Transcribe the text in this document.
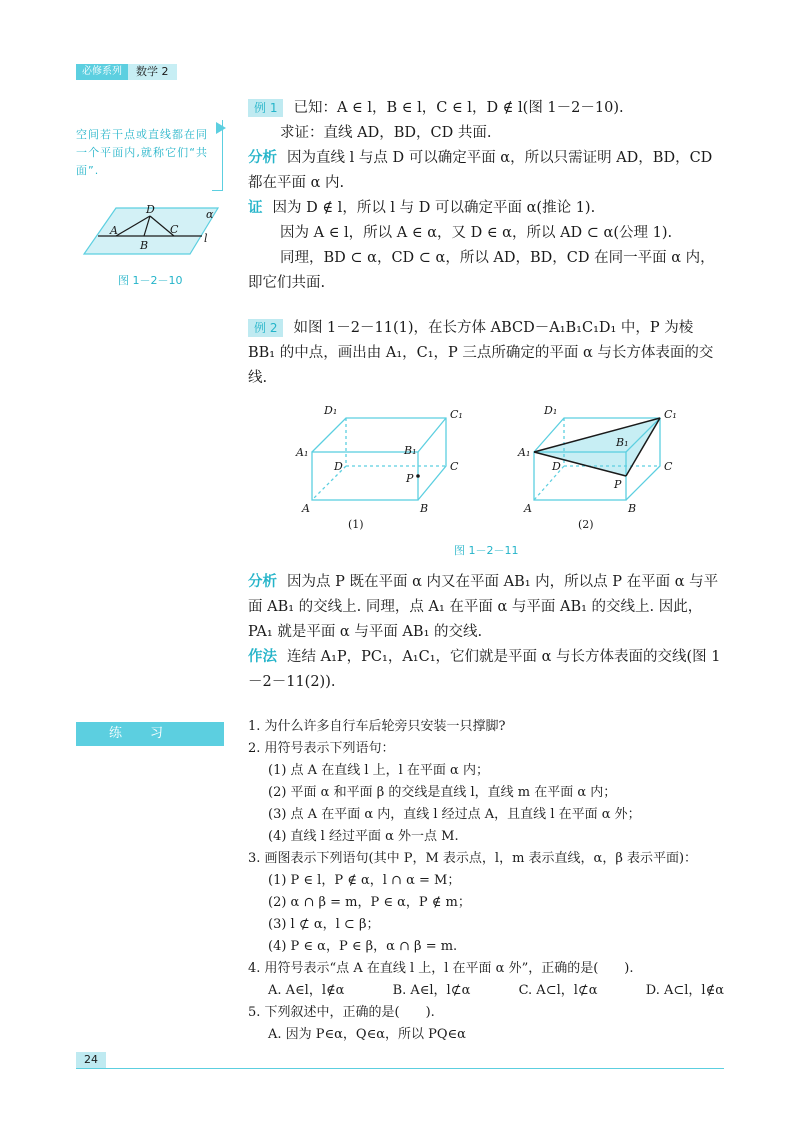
必修系列	数学 2
空间若干点或直线都在同一个平面内,就称它们“共面”.
α
D
A
B
C
l
图 1－2－10
例 1 已知：A ∈ l，B ∈ l，C ∈ l，D ∉ l(图 1－2－10).
求证：直线 AD，BD，CD 共面.
分析 因为直线 l 与点 D 可以确定平面 α，所以只需证明 AD，BD，CD 都在平面 α 内.
证 因为 D ∉ l，所以 l 与 D 可以确定平面 α(推论 1).
因为 A ∈ l，所以 A ∈ α，又 D ∈ α，所以 AD ⊂ α(公理 1).
同理，BD ⊂ α，CD ⊂ α，所以 AD，BD，CD 在同一平面 α 内，即它们共面.
例 2 如图 1－2－11(1)，在长方体 ABCD－A₁B₁C₁D₁ 中，P 为棱 BB₁ 的中点，画出由 A₁，C₁，P 三点所确定的平面 α 与长方体表面的交线.
D₁	C₁
A₁	B₁
D	C
P
A	B
(1)
D₁	C₁
A₁
B₁
D	C
P
A	B
(2)
图 1－2－11
分析 因为点 P 既在平面 α 内又在平面 AB₁ 内，所以点 P 在平面 α 与平面 AB₁ 的交线上. 同理，点 A₁ 在平面 α 与平面 AB₁ 的交线上. 因此，PA₁ 就是平面 α 与平面 AB₁ 的交线.
作法 连结 A₁P，PC₁，A₁C₁，它们就是平面 α 与长方体表面的交线(图 1－2－11(2)).
练习	1. 为什么许多自行车后轮旁只安装一只撑脚?
2. 用符号表示下列语句：
(1) 点 A 在直线 l 上，l 在平面 α 内；
(2) 平面 α 和平面 β 的交线是直线 l，直线 m 在平面 α 内；
(3) 点 A 在平面 α 内，直线 l 经过点 A，且直线 l 在平面 α 外；
(4) 直线 l 经过平面 α 外一点 M.
3. 画图表示下列语句(其中 P，M 表示点，l，m 表示直线，α，β 表示平面)：
(1) P ∈ l，P ∉ α，l ∩ α = M；
(2) α ∩ β = m，P ∈ α，P ∉ m；
(3) l ⊄ α，l ⊂ β；
(4) P ∈ α，P ∈ β，α ∩ β = m.
4. 用符号表示“点 A 在直线 l 上，l 在平面 α 外”，正确的是(　　).
A. A∈l，l∉α	B. A∈l，l⊄α	C. A⊂l，l⊄α	D. A⊂l，l∉α
5. 下列叙述中，正确的是(　　).
A. 因为 P∈α，Q∈α，所以 PQ∈α
24
